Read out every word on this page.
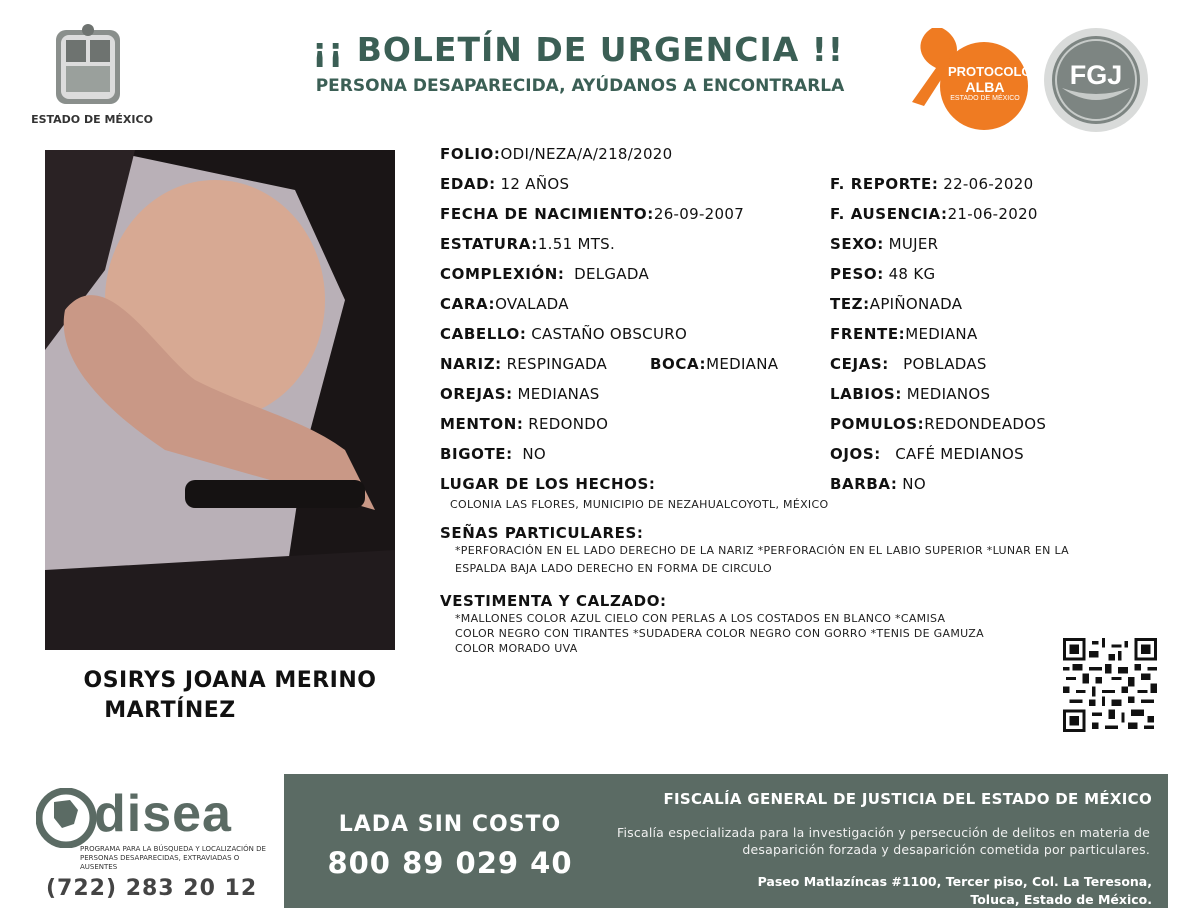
ESTADO DE MÉXICO
¡¡ BOLETÍN DE URGENCIA !!
PERSONA DESAPARECIDA, AYÚDANOS A ENCONTRARLA
PROTOCOLO
ALBA
ESTADO DE MÉXICO
FGJ
OSIRYS JOANA MERINO
MARTÍNEZ
FOLIO:ODI/NEZA/A/218/2020
EDAD: 12 AÑOS
FECHA DE NACIMIENTO:26-09-2007
ESTATURA:1.51 MTS.
COMPLEXIÓN: DELGADA
CARA:OVALADA
CABELLO: CASTAÑO OBSCURO
NARIZ: RESPINGADA	BOCA:MEDIANA
OREJAS: MEDIANAS
MENTON: REDONDO
BIGOTE: NO
LUGAR DE LOS HECHOS:
COLONIA LAS FLORES, MUNICIPIO DE NEZAHUALCOYOTL, MÉXICO
F. REPORTE: 22-06-2020
F. AUSENCIA:21-06-2020
SEXO: MUJER
PESO: 48 KG
TEZ:APIÑONADA
FRENTE:MEDIANA
CEJAS: POBLADAS
LABIOS: MEDIANOS
POMULOS:REDONDEADOS
OJOS: CAFÉ MEDIANOS
BARBA: NO
SEÑAS PARTICULARES:
*PERFORACIÓN EN EL LADO DERECHO DE LA NARIZ *PERFORACIÓN EN EL LABIO SUPERIOR *LUNAR EN LA
ESPALDA BAJA LADO DERECHO EN FORMA DE CIRCULO
VESTIMENTA Y CALZADO:
*MALLONES COLOR AZUL CIELO CON PERLAS A LOS COSTADOS EN BLANCO *CAMISA
COLOR NEGRO CON TIRANTES *SUDADERA COLOR NEGRO CON GORRO *TENIS DE GAMUZA
COLOR MORADO UVA
disea
PROGRAMA PARA LA BÚSQUEDA Y LOCALIZACIÓN DE PERSONAS DESAPARECIDAS, EXTRAVIADAS O AUSENTES
(722) 283 20 12
LADA SIN COSTO
800 89 029 40
FISCALÍA GENERAL DE JUSTICIA DEL ESTADO DE MÉXICO
Fiscalía especializada para la investigación y persecución de delitos en materia de desaparición forzada y desaparición cometida por particulares.
Paseo Matlazíncas #1100, Tercer piso, Col. La Teresona,
Toluca, Estado de México.
